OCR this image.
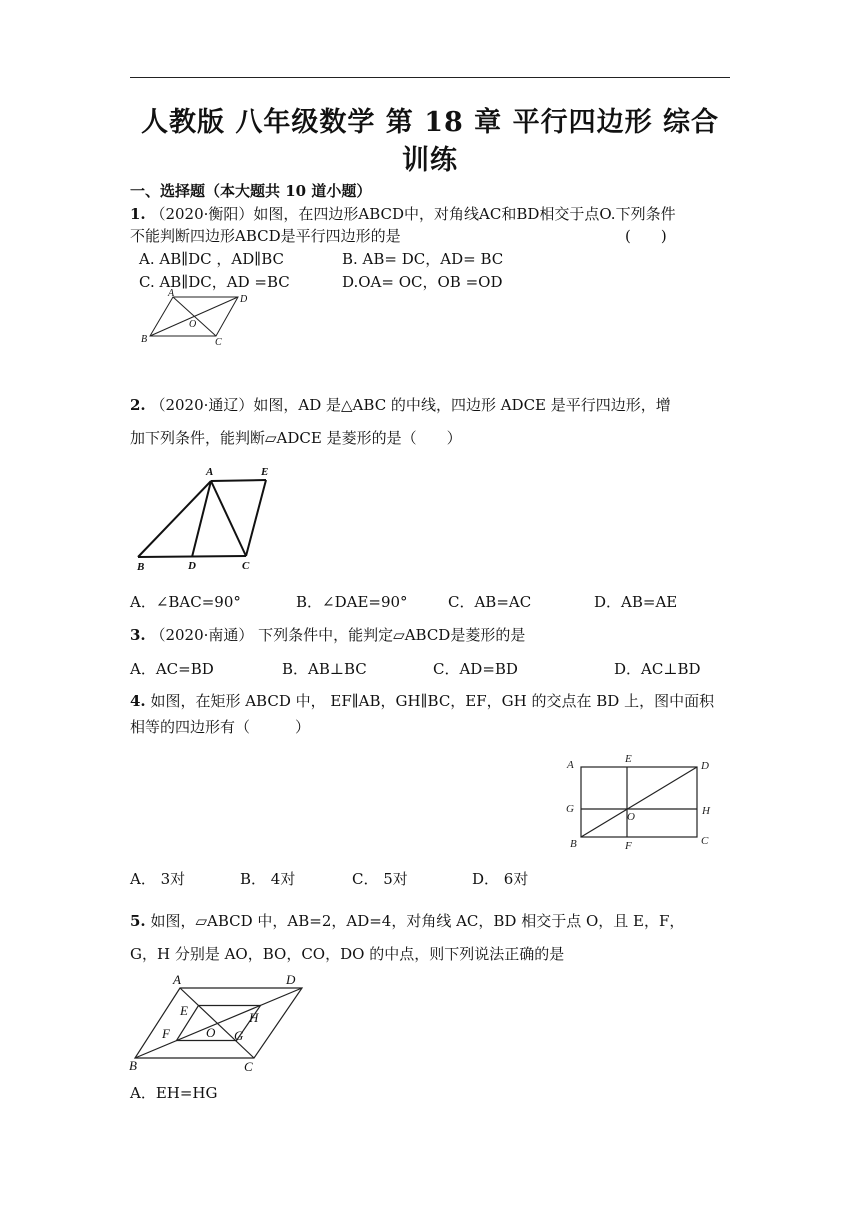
人教版 八年级数学 第 18 章 平行四边形 综合
训练
一、选择题（本大题共 10 道小题）
1. （2020·衡阳）如图，在四边形ABCD中，对角线AC和BD相交于点O.下列条件
不能判断四边形ABCD是平行四边形的是	(　　)
A. AB∥DC ，AD∥BC	B. AB= DC，AD= BC
C. AB∥DC，AD =BC	D.OA= OC，OB =OD
A
D
O
B	C
2. （2020·通辽）如图，AD 是△ABC 的中线，四边形 ADCE 是平行四边形，增
加下列条件，能判断▱ADCE 是菱形的是（　　）
A	E
B	D	C
A．∠BAC=90°	B．∠DAE=90°	C．AB=AC	D．AB=AE
3. （2020·南通） 下列条件中，能判定▱ABCD是菱形的是
A．AC=BD	B．AB⊥BC	C．AD=BD	D．AC⊥BD
4. 如图，在矩形 ABCD 中， EF∥AB，GH∥BC，EF，GH 的交点在 BD 上，图中面积
相等的四边形有（　　　）
A	E
D
G	H
O
B	F	C
A． 3对	B． 4对	C． 5对	D． 6对
5. 如图，▱ABCD 中，AB=2，AD=4，对角线 AC，BD 相交于点 O，且 E，F，
G，H 分别是 AO，BO，CO，DO 的中点，则下列说法正确的是
A	D
E	H
F	O G
B	C
A．EH=HG
